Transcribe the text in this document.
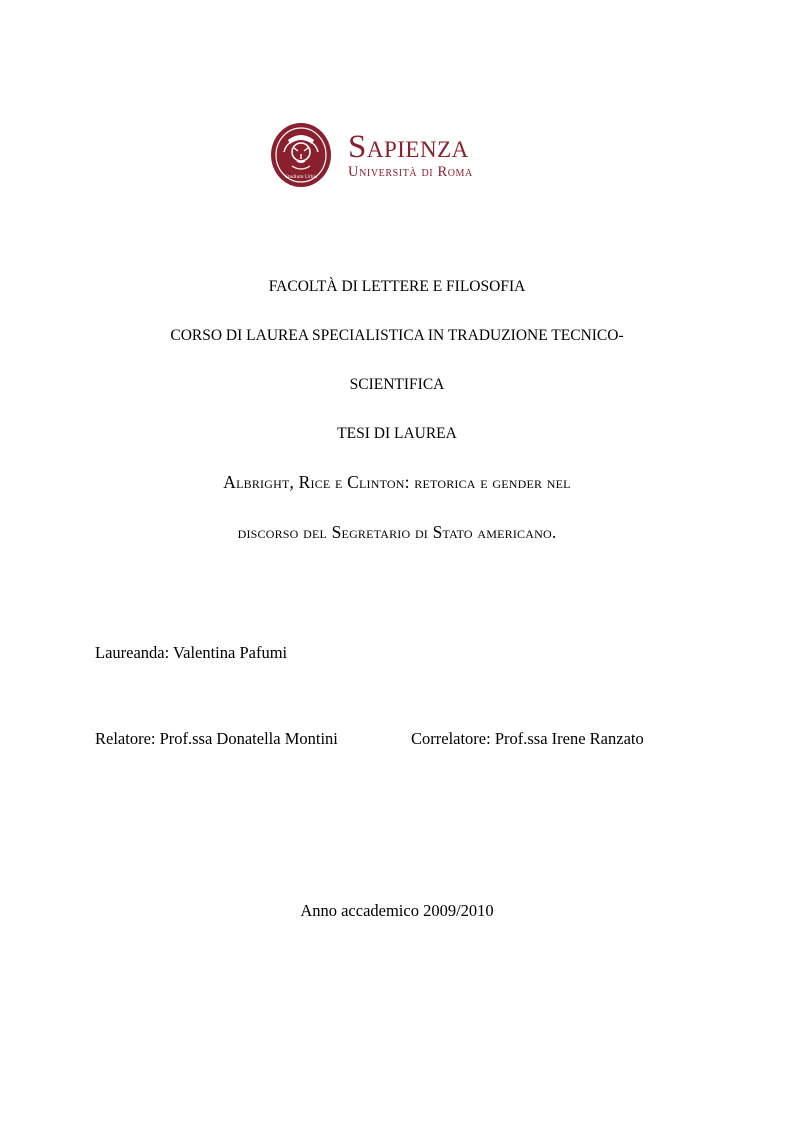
Studium Urbis
Sapienza
Università di Roma
FACOLTÀ DI LETTERE E FILOSOFIA
CORSO DI LAUREA SPECIALISTICA IN TRADUZIONE TECNICO-
SCIENTIFICA
TESI DI LAUREA
Albright, Rice e Clinton: retorica e gender nel
discorso del Segretario di Stato americano.
Laureanda: Valentina Pafumi
Relatore: Prof.ssa Donatella Montini	Correlatore: Prof.ssa Irene Ranzato
Anno accademico 2009/2010
